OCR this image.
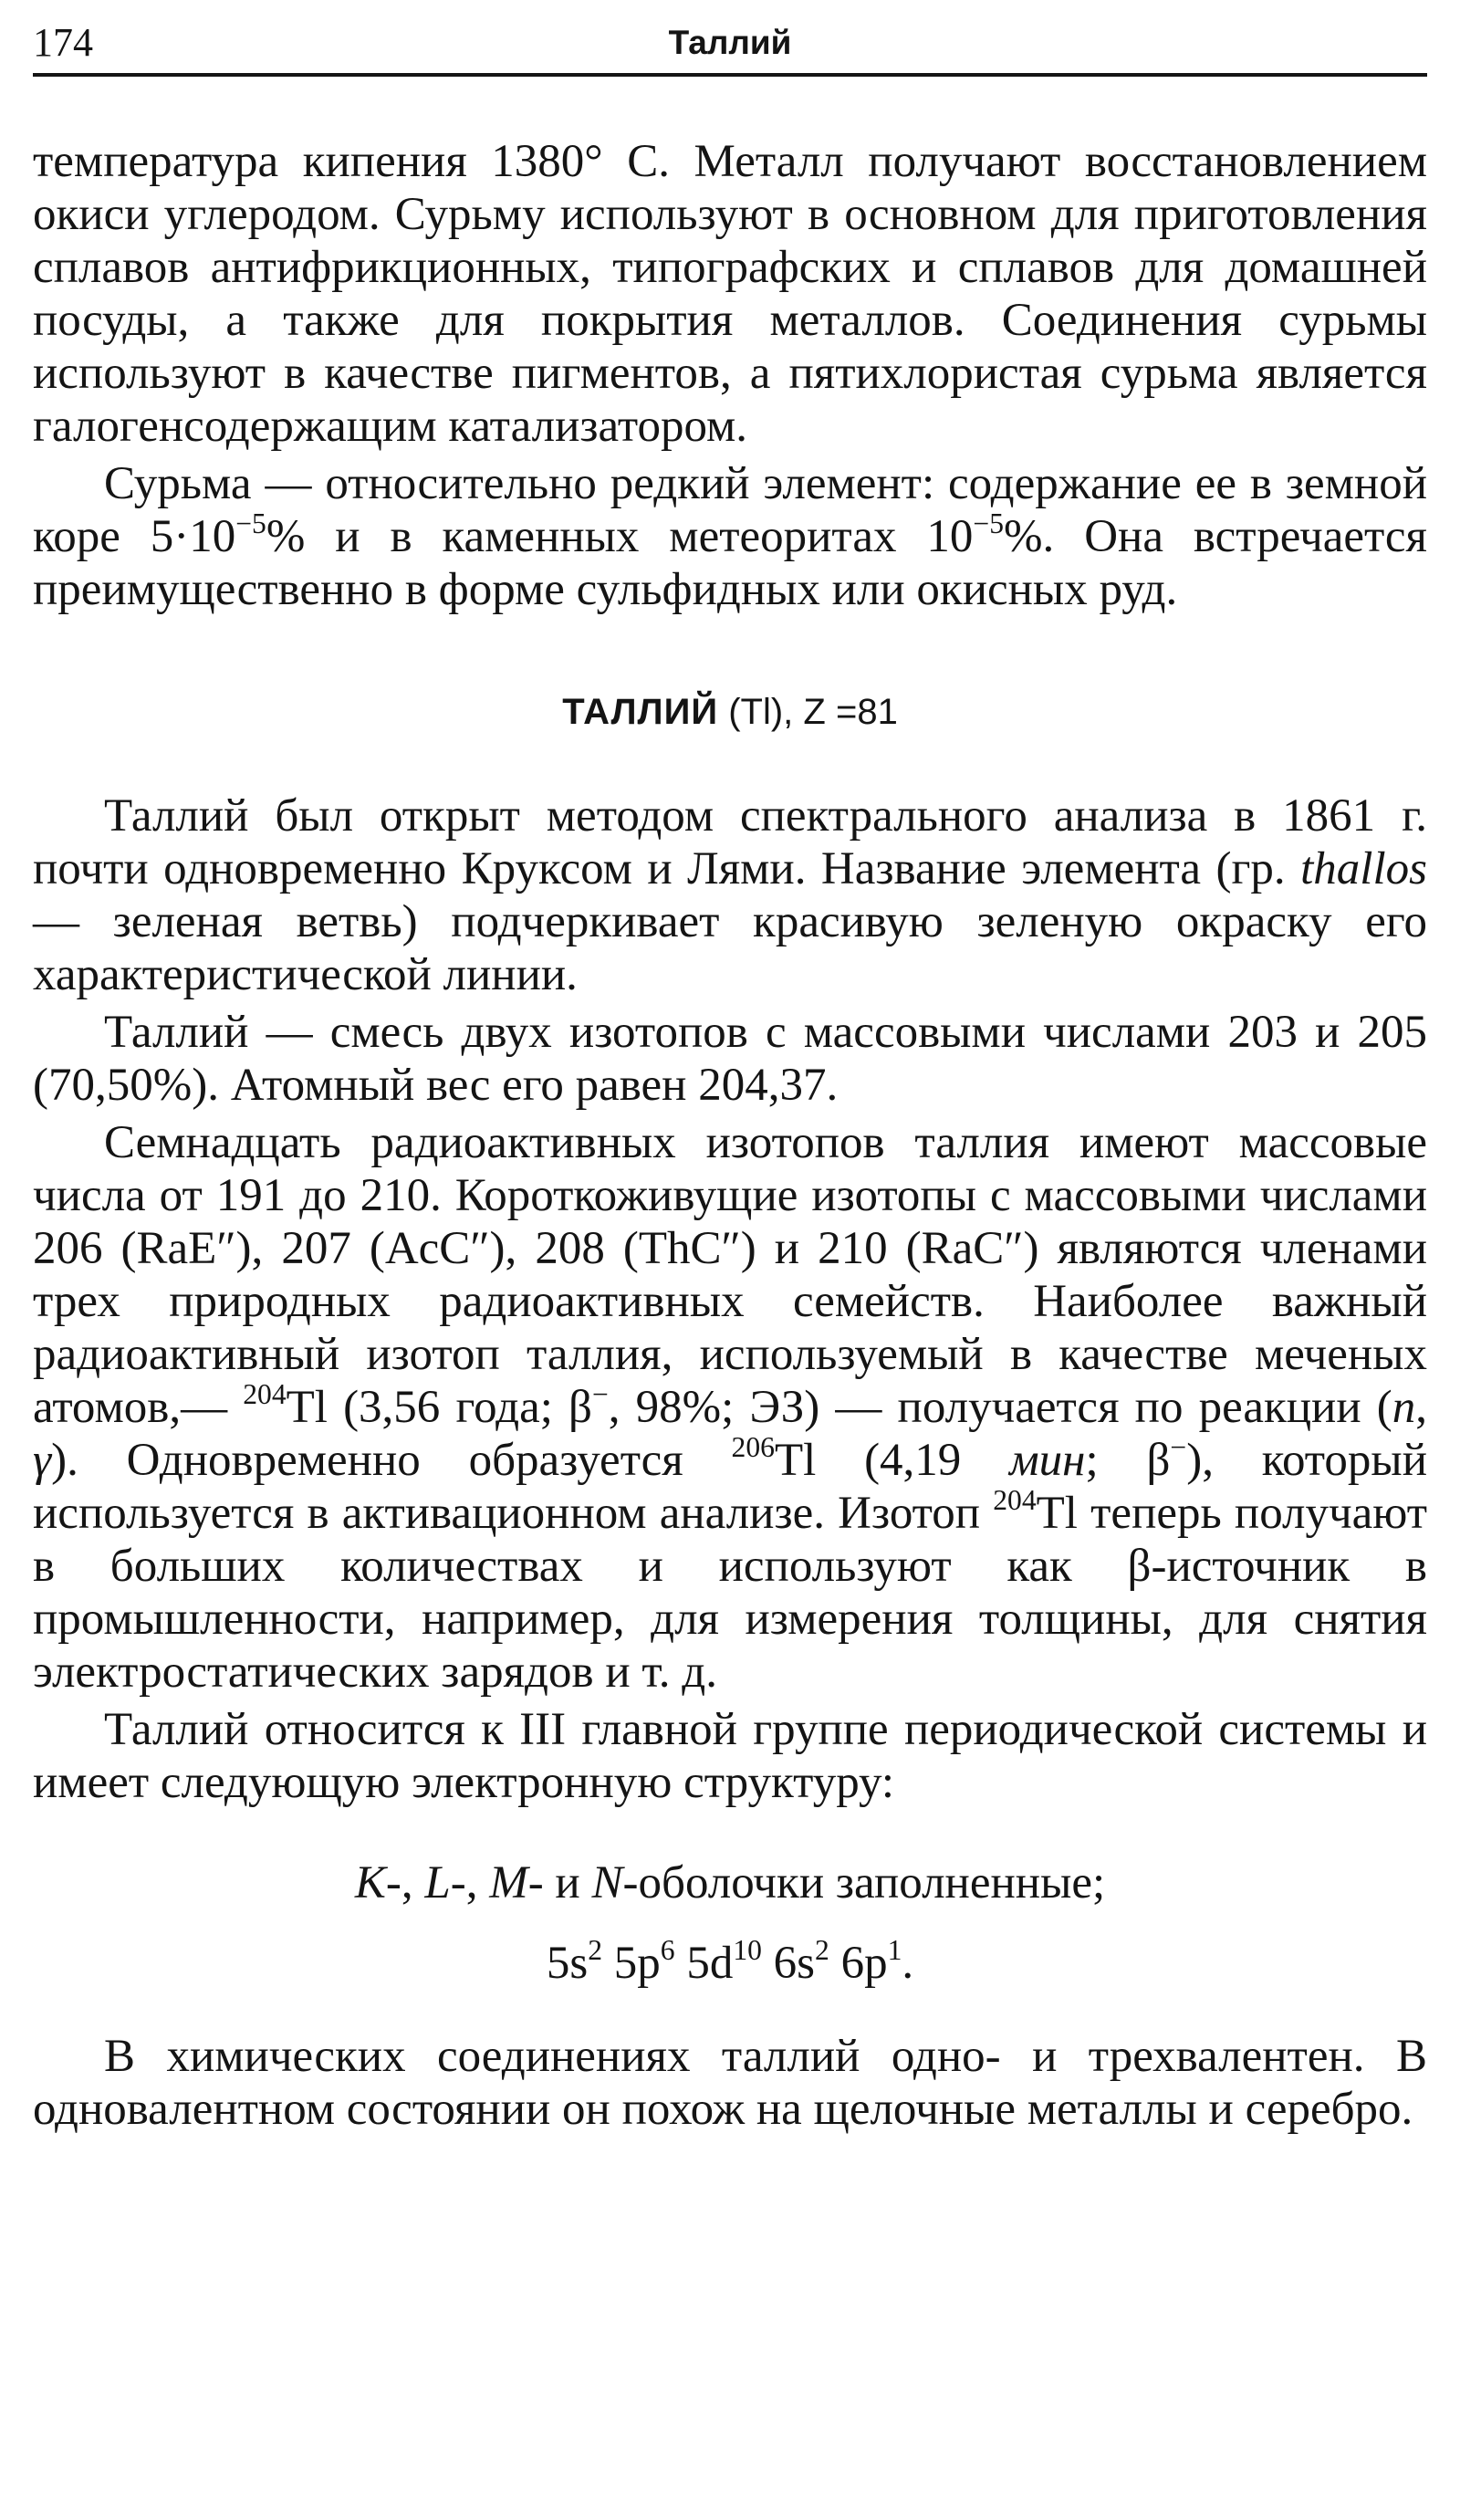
174	Таллий

температура кипения 1380° С. Металл получают восстановлением окиси углеродом. Сурьму используют в основном для приготовления сплавов антифрикционных, типографских и сплавов для домашней посуды, а также для покрытия металлов. Соединения сурьмы используют в качестве пигментов, а пятихлористая сурьма является галогенсодержащим катализатором.

Сурьма — относительно редкий элемент: содержание ее в земной коре $5\cdot 10^{-5}\%$ и в каменных метеоритах $10^{-5}\%$. Она встречается преимущественно в форме сульфидных или окисных руд.

ТАЛЛИЙ (Tl), Z =81

Таллий был открыт методом спектрального анализа в 1861 г. почти одновременно Круксом и Лями. Название элемента (гр. thallos — зеленая ветвь) подчеркивает красивую зеленую окраску его характеристической линии.

Таллий — смесь двух изотопов с массовыми числами 203 и 205 (70,50%). Атомный вес его равен 204,37.

Семнадцать радиоактивных изотопов таллия имеют массовые числа от 191 до 210. Короткоживущие изотопы с массовыми числами 206 (RaE″), 207 (AcC″), 208 (ThC″) и 210 (RaC″) являются членами трех природных радиоактивных семейств. Наиболее важный радиоактивный изотоп таллия, используемый в качестве меченых атомов,— $^{204}$Tl (3,56 года; β−, 98%; ЭЗ) — получается по реакции (n, γ). Одновременно образуется $^{206}$Tl (4,19 мин; β−), который используется в активационном анализе. Изотоп $^{204}$Tl теперь получают в больших количествах и используют как β-источник в промышленности, например, для измерения толщины, для снятия электростатических зарядов и т. д.

Таллий относится к III главной группе периодической системы и имеет следующую электронную структуру:

K-, L-, M- и N-оболочки заполненные;
$5s^2$ $5p^6$ $5d^{10}$ $6s^2$ $6p^1$.

В химических соединениях таллий одно- и трехвалентен. В одновалентном состоянии он похож на щелочные металлы и серебро.
